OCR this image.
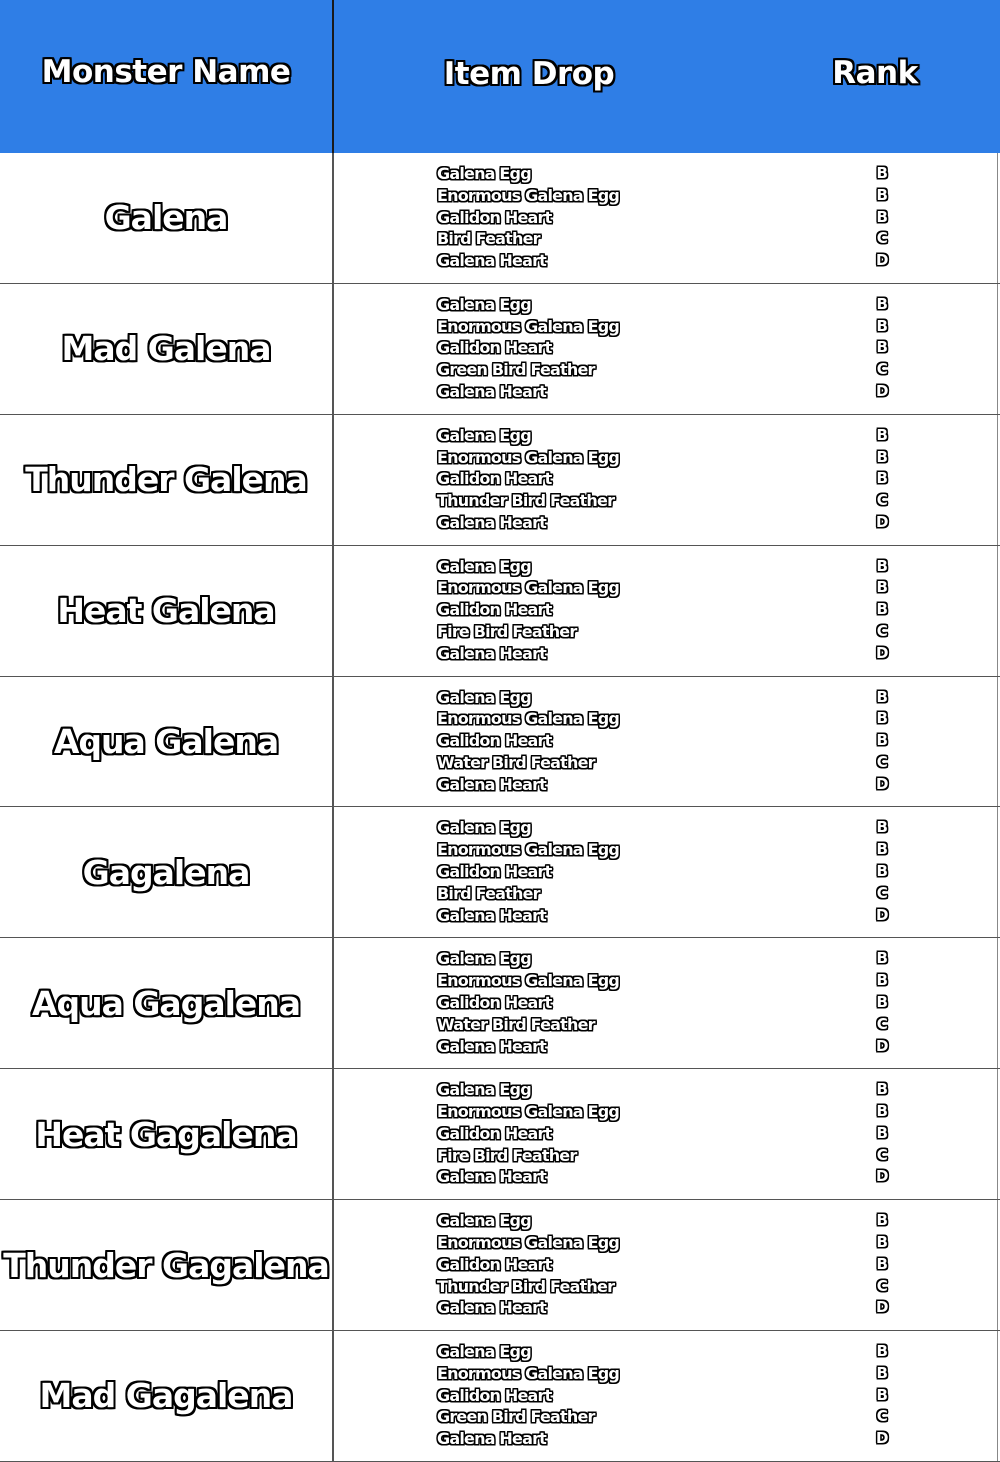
Monster Name	Item Drop	Rank
Galena
Galena Egg
Enormous Galena Egg
Galidon Heart
Bird Feather
Galena Heart
B
B
B
C
D
Mad Galena
Galena Egg
Enormous Galena Egg
Galidon Heart
Green Bird Feather
Galena Heart
B
B
B
C
D
Thunder Galena
Galena Egg
Enormous Galena Egg
Galidon Heart
Thunder Bird Feather
Galena Heart
B
B
B
C
D
Heat Galena
Galena Egg
Enormous Galena Egg
Galidon Heart
Fire Bird Feather
Galena Heart
B
B
B
C
D
Aqua Galena
Galena Egg
Enormous Galena Egg
Galidon Heart
Water Bird Feather
Galena Heart
B
B
B
C
D
Gagalena
Galena Egg
Enormous Galena Egg
Galidon Heart
Bird Feather
Galena Heart
B
B
B
C
D
Aqua Gagalena
Galena Egg
Enormous Galena Egg
Galidon Heart
Water Bird Feather
Galena Heart
B
B
B
C
D
Heat Gagalena
Galena Egg
Enormous Galena Egg
Galidon Heart
Fire Bird Feather
Galena Heart
B
B
B
C
D
Thunder Gagalena
Galena Egg
Enormous Galena Egg
Galidon Heart
Thunder Bird Feather
Galena Heart
B
B
B
C
D
Mad Gagalena
Galena Egg
Enormous Galena Egg
Galidon Heart
Green Bird Feather
Galena Heart
B
B
B
C
D
